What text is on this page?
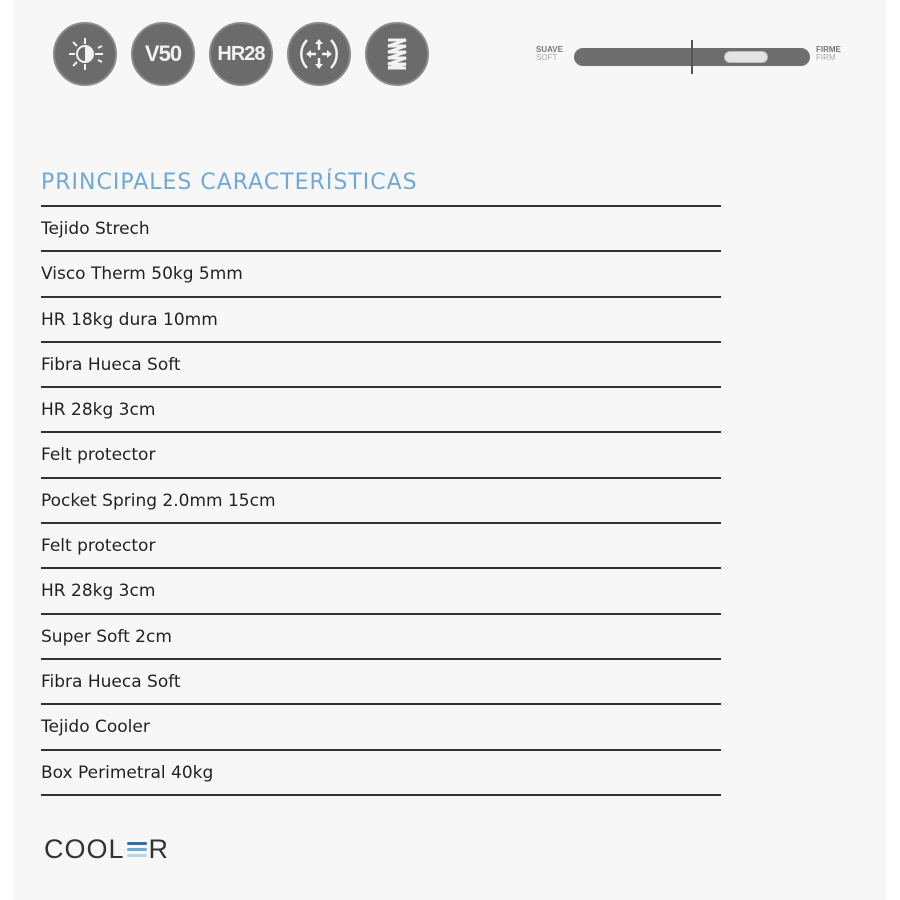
V50	HR28	SUAVE
SOFT
FIRME
FIRM
PRINCIPALES CARACTERÍSTICAS
Tejido Strech
Visco Therm 50kg 5mm
HR 18kg dura 10mm
Fibra Hueca Soft
HR 28kg 3cm
Felt protector
Pocket Spring 2.0mm 15cm
Felt protector
HR 28kg 3cm
Super Soft 2cm
Fibra Hueca Soft
Tejido Cooler
Box Perimetral 40kg
COOL R
